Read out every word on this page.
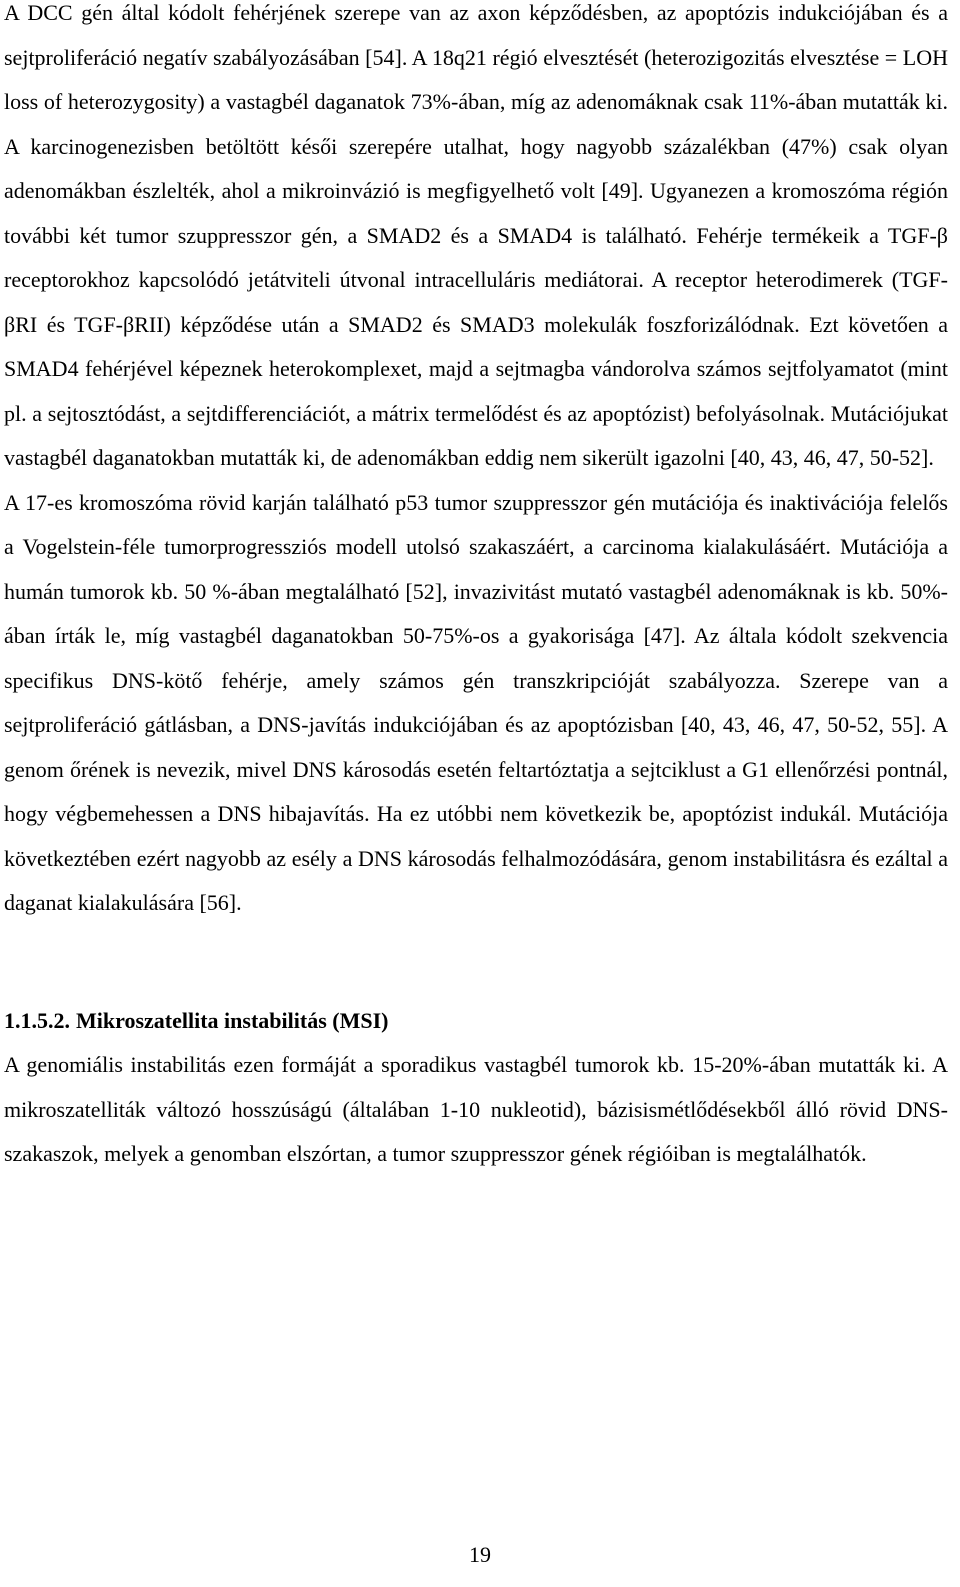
A DCC gén által kódolt fehérjének szerepe van az axon képződésben, az apoptózis indukciójában és a sejtproliferáció negatív szabályozásában [54]. A 18q21 régió elvesztését (heterozigozitás elvesztése = LOH loss of heterozygosity) a vastagbél daganatok 73%-ában, míg az adenomáknak csak 11%-ában mutatták ki. A karcinogenezisben betöltött késői szerepére utalhat, hogy nagyobb százalékban (47%) csak olyan adenomákban észlelték, ahol a mikroinvázió is megfigyelhető volt [49]. Ugyanezen a kromoszóma régión további két tumor szuppresszor gén, a SMAD2 és a SMAD4 is található. Fehérje termékeik a TGF-β receptorokhoz kapcsolódó jetátviteli útvonal intracelluláris mediátorai. A receptor heterodimerek (TGF-βRI és TGF-βRII) képződése után a SMAD2 és SMAD3 molekulák foszforizálódnak. Ezt követően a SMAD4 fehérjével képeznek heterokomplexet, majd a sejtmagba vándorolva számos sejtfolyamatot (mint pl. a sejtosztódást, a sejtdifferenciációt, a mátrix termelődést és az apoptózist) befolyásolnak. Mutációjukat vastagbél daganatokban mutatták ki, de adenomákban eddig nem sikerült igazolni [40, 43, 46, 47, 50-52].

A 17-es kromoszóma rövid karján található p53 tumor szuppresszor gén mutációja és inaktivációja felelős a Vogelstein-féle tumorprogressziós modell utolsó szakaszáért, a carcinoma kialakulásáért. Mutációja a humán tumorok kb. 50 %-ában megtalálható [52], invazivitást mutató vastagbél adenomáknak is kb. 50%-ában írták le, míg vastagbél daganatokban 50-75%-os a gyakorisága [47]. Az általa kódolt szekvencia specifikus DNS-kötő fehérje, amely számos gén transzkripcióját szabályozza. Szerepe van a sejtproliferáció gátlásban, a DNS-javítás indukciójában és az apoptózisban [40, 43, 46, 47, 50-52, 55]. A genom őrének is nevezik, mivel DNS károsodás esetén feltartóztatja a sejtciklust a G1 ellenőrzési pontnál, hogy végbemehessen a DNS hibajavítás. Ha ez utóbbi nem következik be, apoptózist indukál. Mutációja következtében ezért nagyobb az esély a DNS károsodás felhalmozódására, genom instabilitásra és ezáltal a daganat kialakulására [56].

1.1.5.2. Mikroszatellita instabilitás (MSI)

A genomiális instabilitás ezen formáját a sporadikus vastagbél tumorok kb. 15-20%-ában mutatták ki. A mikroszatelliták változó hosszúságú (általában 1-10 nukleotid), bázisismétlődésekből álló rövid DNS-szakaszok, melyek a genomban elszórtan, a tumor szuppresszor gének régióiban is megtalálhatók.

19
